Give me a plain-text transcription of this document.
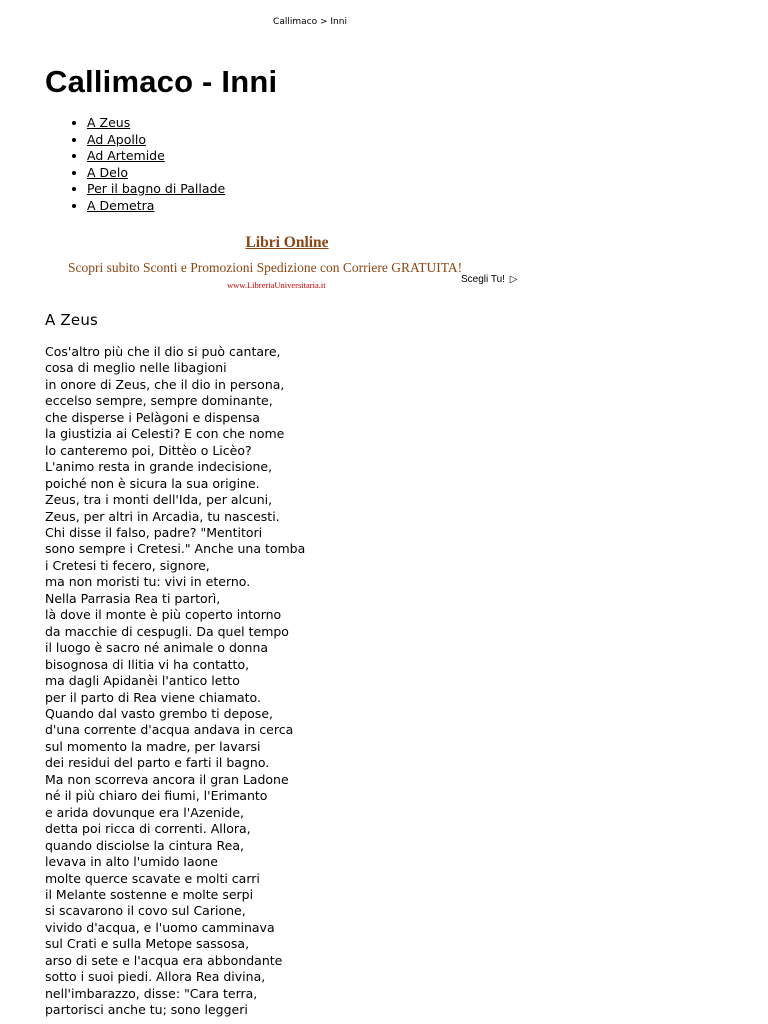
Callimaco > Inni
Callimaco - Inni
• A Zeus
• Ad Apollo
• Ad Artemide
• A Delo
• Per il bagno di Pallade
• A Demetra
Libri Online
Scopri subito Sconti e Promozioni Spedizione con Corriere GRATUITA!
www.LibreriaUniversitaria.it	Scegli Tu! ▷
A Zeus
Cos'altro più che il dio si può cantare,
cosa di meglio nelle libagioni
in onore di Zeus, che il dio in persona,
eccelso sempre, sempre dominante,
che disperse i Pelàgoni e dispensa
la giustizia ai Celesti? E con che nome
lo canteremo poi, Dittèo o Licèo?
L'animo resta in grande indecisione,
poiché non è sicura la sua origine.
Zeus, tra i monti dell'Ida, per alcuni,
Zeus, per altri in Arcadia, tu nascesti.
Chi disse il falso, padre? "Mentitori
sono sempre i Cretesi." Anche una tomba
i Cretesi ti fecero, signore,
ma non moristi tu: vivi in eterno.
Nella Parrasia Rea ti partorì,
là dove il monte è più coperto intorno
da macchie di cespugli. Da quel tempo
il luogo è sacro né animale o donna
bisognosa di Ilitia vi ha contatto,
ma dagli Apidanèi l'antico letto
per il parto di Rea viene chiamato.
Quando dal vasto grembo ti depose,
d'una corrente d'acqua andava in cerca
sul momento la madre, per lavarsi
dei residui del parto e farti il bagno.
Ma non scorreva ancora il gran Ladone
né il più chiaro dei fiumi, l'Erimanto
e arida dovunque era l'Azenide,
detta poi ricca di correnti. Allora,
quando disciolse la cintura Rea,
levava in alto l'umido Iaone
molte querce scavate e molti carri
il Melante sostenne e molte serpi
si scavarono il covo sul Carione,
vivido d'acqua, e l'uomo camminava
sul Crati e sulla Metope sassosa,
arso di sete e l'acqua era abbondante
sotto i suoi piedi. Allora Rea divina,
nell'imbarazzo, disse: "Cara terra,
partorisci anche tu; sono leggeri
